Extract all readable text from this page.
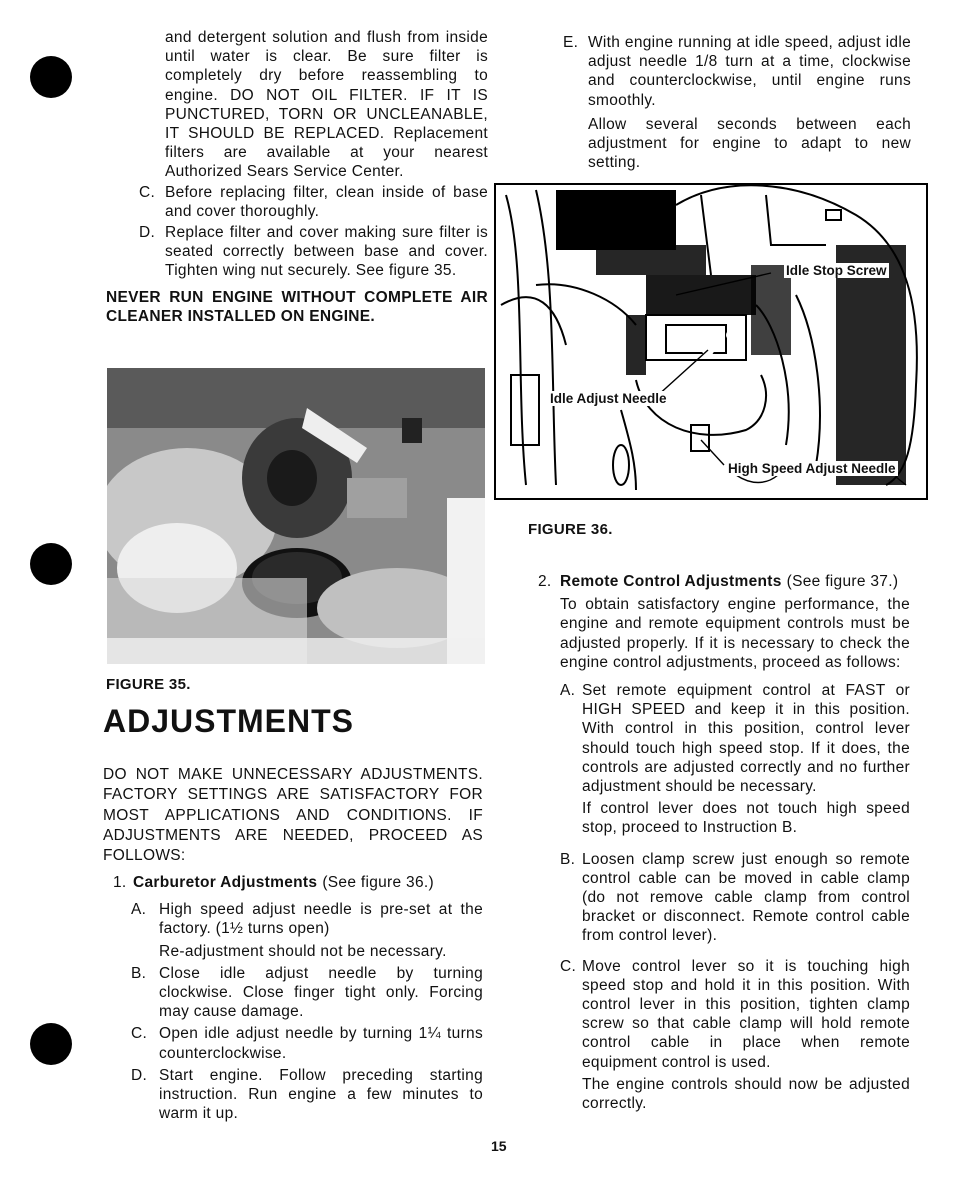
and detergent solution and flush from inside until water is clear. Be sure filter is completely dry before reassembling to engine. DO NOT OIL FILTER. IF IT IS PUNCTURED, TORN OR UNCLEANABLE, IT SHOULD BE REPLACED. Replacement filters are available at your nearest Authorized Sears Service Center.

C. Before replacing filter, clean inside of base and cover thoroughly.
D. Replace filter and cover making sure filter is seated correctly between base and cover. Tighten wing nut securely. See figure 35.

NEVER RUN ENGINE WITHOUT COMPLETE AIR CLEANER INSTALLED ON ENGINE.

FIGURE 35.
ADJUSTMENTS

DO NOT MAKE UNNECESSARY ADJUSTMENTS. FACTORY SETTINGS ARE SATISFACTORY FOR MOST APPLICATIONS AND CONDITIONS. IF ADJUSTMENTS ARE NEEDED, PROCEED AS FOLLOWS:

1. Carburetor Adjustments (See figure 36.)
A. High speed adjust needle is pre-set at the factory. (1½ turns open)

Re-adjustment should not be necessary.

B. Close idle adjust needle by turning clockwise. Close finger tight only. Forcing may cause damage.
C. Open idle adjust needle by turning 1¼ turns counterclockwise.
D. Start engine. Follow preceding starting instruction. Run engine a few minutes to warm it up.
E. With engine running at idle speed, adjust idle adjust needle 1/8 turn at a time, clockwise and counterclockwise, until engine runs smoothly.

Allow several seconds between each adjustment for engine to adapt to new setting.

Idle Stop Screw
Idle Adjust Needle
High Speed Adjust Needle
FIGURE 36.
2. Remote Control Adjustments (See figure 37.)

To obtain satisfactory engine performance, the engine and remote equipment controls must be adjusted properly. If it is necessary to check the engine control adjustments, proceed as follows:

A. Set remote equipment control at FAST or HIGH SPEED and keep it in this position. With control in this position, control lever should touch high speed stop. If it does, the controls are adjusted correctly and no further adjustment should be necessary.

If control lever does not touch high speed stop, proceed to Instruction B.

B. Loosen clamp screw just enough so remote control cable can be moved in cable clamp (do not remove cable clamp from control bracket or disconnect. Remote control cable from control lever).
C. Move control lever so it is touching high speed stop and hold it in this position. With control lever in this position, tighten clamp screw so that cable clamp will hold remote control cable in place when remote equipment control is used.

The engine controls should now be adjusted correctly.

15
